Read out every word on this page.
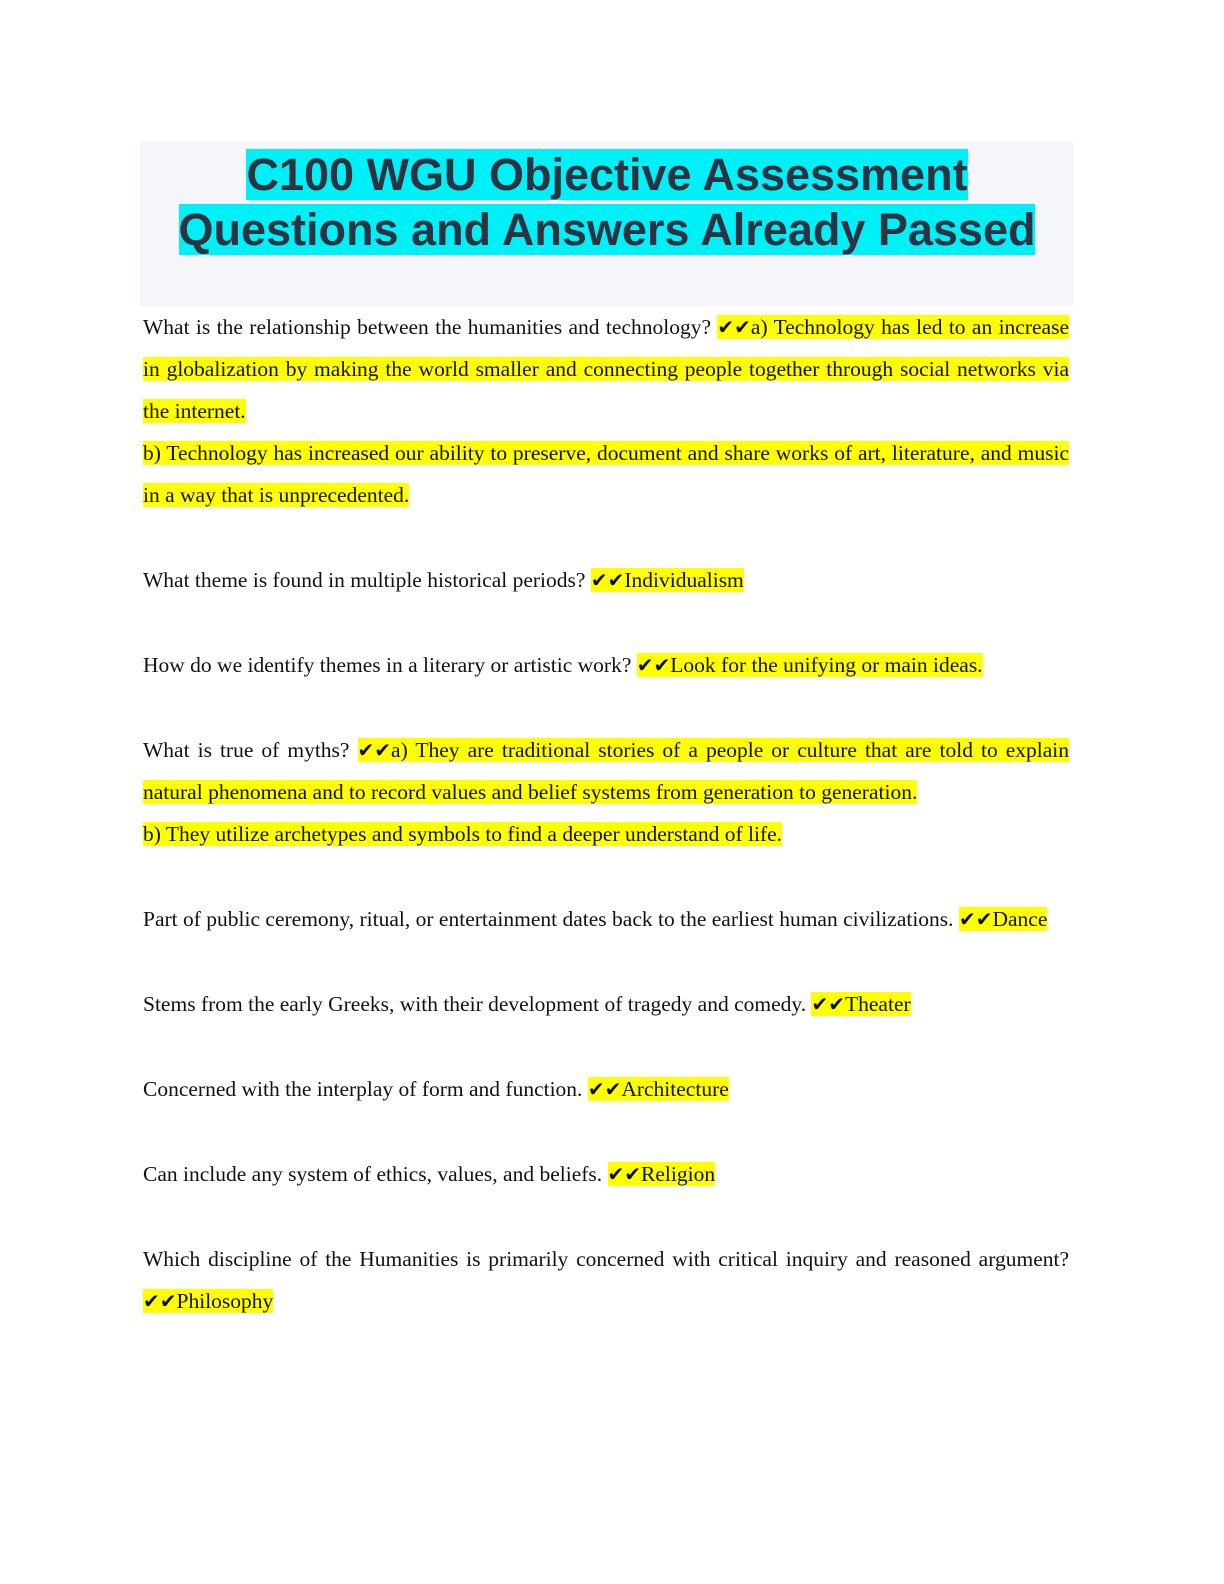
C100 WGU Objective Assessment
Questions and Answers Already Passed

What is the relationship between the humanities and technology? ✔✔a) Technology has led to an increase in globalization by making the world smaller and connecting people together through social networks via the internet.
b) Technology has increased our ability to preserve, document and share works of art, literature, and music in a way that is unprecedented.

What theme is found in multiple historical periods? ✔✔Individualism

How do we identify themes in a literary or artistic work? ✔✔Look for the unifying or main ideas.

What is true of myths? ✔✔a) They are traditional stories of a people or culture that are told to explain natural phenomena and to record values and belief systems from generation to generation.
b) They utilize archetypes and symbols to find a deeper understand of life.

Part of public ceremony, ritual, or entertainment dates back to the earliest human civilizations. ✔✔Dance

Stems from the early Greeks, with their development of tragedy and comedy. ✔✔Theater

Concerned with the interplay of form and function. ✔✔Architecture

Can include any system of ethics, values, and beliefs. ✔✔Religion

Which discipline of the Humanities is primarily concerned with critical inquiry and reasoned argument? ✔✔Philosophy
